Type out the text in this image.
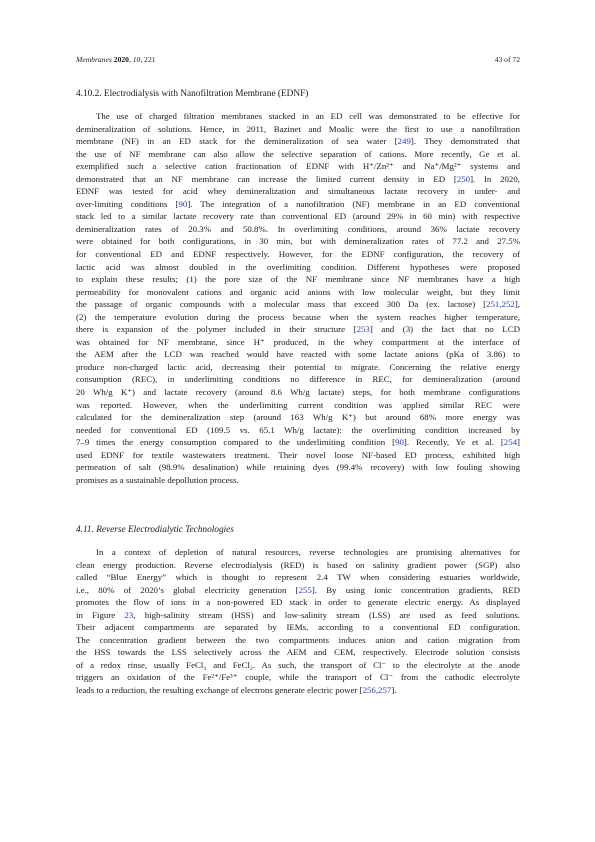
Membranes 2020, 10, 221	43 of 72
4.10.2. Electrodialysis with Nanofiltration Membrane (EDNF)
The use of charged filtration membranes stacked in an ED cell was demonstrated to be effective for
demineralization of solutions. Hence, in 2011, Bazinet and Moalic were the first to use a nanofiltration
membrane (NF) in an ED stack for the demineralization of sea water [249]. They demonstrated that
the use of NF membrane can also allow the selective separation of cations. More recently, Ge et al.
exemplified such a selective cation fractionation of EDNF with H⁺/Zn²⁺ and Na⁺/Mg²⁺ systems and
demonstrated that an NF membrane can increase the limited current density in ED [250]. In 2020,
EDNF was tested for acid whey demineralization and simultaneous lactate recovery in under- and
over-limiting conditions [90]. The integration of a nanofiltration (NF) membrane in an ED conventional
stack led to a similar lactate recovery rate than conventional ED (around 29% in 60 min) with respective
demineralization rates of 20.3% and 50.8%. In overlimiting conditions, around 36% lactate recovery
were obtained for both configurations, in 30 min, but with demineralization rates of 77.2 and 27.5%
for conventional ED and EDNF respectively. However, for the EDNF configuration, the recovery of
lactic acid was almost doubled in the overlimiting condition. Different hypotheses were proposed
to explain these results; (1) the pore size of the NF membrane since NF membranes have a high
permeability for monovalent cations and organic acid anions with low molecular weight, but they limit
the passage of organic compounds with a molecular mass that exceed 300 Da (ex. lactose) [251,252],
(2) the temperature evolution during the process because when the system reaches higher temperature,
there is expansion of the polymer included in their structure [253] and (3) the fact that no LCD
was obtained for NF membrane, since H⁺ produced, in the whey compartment at the interface of
the AEM after the LCD was reached would have reacted with some lactate anions (pKa of 3.86) to
produce non-charged lactic acid, decreasing their potential to migrate. Concerning the relative energy
consumption (REC), in underlimiting conditions no difference in REC, for demineralization (around
20 Wh/g K⁺) and lactate recovery (around 8.6 Wh/g lactate) steps, for both membrane configurations
was reported. However, when the underlimiting current condition was applied similar REC were
calculated for the demineralization step (around 163 Wh/g K⁺) but around 68% more energy was
needed for conventional ED (109.5 vs. 65.1 Wh/g lactate): the overlimiting condition increased by
7–9 times the energy consumption compared to the underlimiting condition [90]. Recently, Ye et al. [254]
used EDNF for textile wastewaters treatment. Their novel loose NF-based ED process, exhibited high
permeation of salt (98.9% desalination) while retaining dyes (99.4% recovery) with low fouling showing
promises as a sustainable depollution process.
4.11. Reverse Electrodialytic Technologies
In a context of depletion of natural resources, reverse technologies are promising alternatives for
clean energy production. Reverse electrodialysis (RED) is based on salinity gradient power (SGP) also
called “Blue Energy” which is thought to represent 2.4 TW when considering estuaries worldwide,
i.e., 80% of 2020’s global electricity generation [255]. By using ionic concentration gradients, RED
promotes the flow of ions in a non-powered ED stack in order to generate electric energy. As displayed
in Figure 23, high-salinity stream (HSS) and low-salinity stream (LSS) are used as feed solutions.
Their adjacent compartments are separated by IEMs, according to a conventional ED configuration.
The concentration gradient between the two compartments induces anion and cation migration from
the HSS towards the LSS selectively across the AEM and CEM, respectively. Electrode solution consists
of a redox rinse, usually FeCl₃ and FeCl₂. As such, the transport of Cl⁻ to the electrolyte at the anode
triggers an oxidation of the Fe²⁺/Fe³⁺ couple, while the transport of Cl⁻ from the cathodic electrolyte
leads to a reduction, the resulting exchange of electrons generate electric power [256,257].
